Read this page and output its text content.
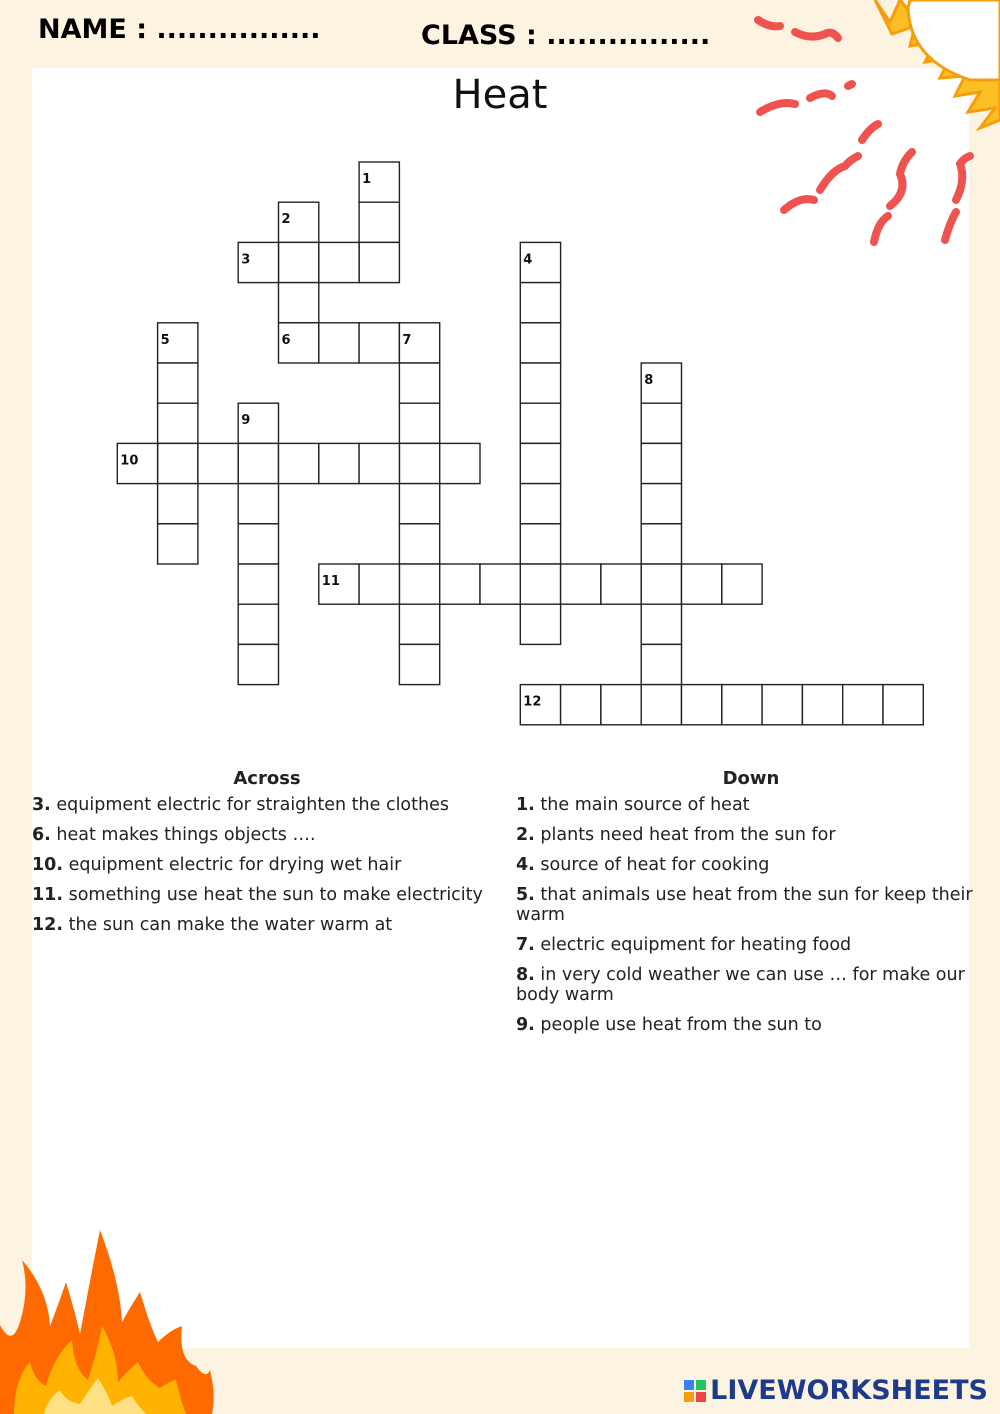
NAME : ................	CLASS : ................
Heat
1
2
3	4
5	6	7
8
9
10
11
12
Across
3. equipment electric for straighten the clothes
6. heat makes things objects ….
10. equipment electric for drying wet hair
11. something use heat the sun to make electricity
12. the sun can make the water warm at
Down
1. the main source of heat
2. plants need heat from the sun for
4. source of heat for cooking
5. that animals use heat from the sun for keep their warm
7. electric equipment for heating food
8. in very cold weather we can use … for make our body warm
9. people use heat from the sun to
LIVEWORKSHEETS
